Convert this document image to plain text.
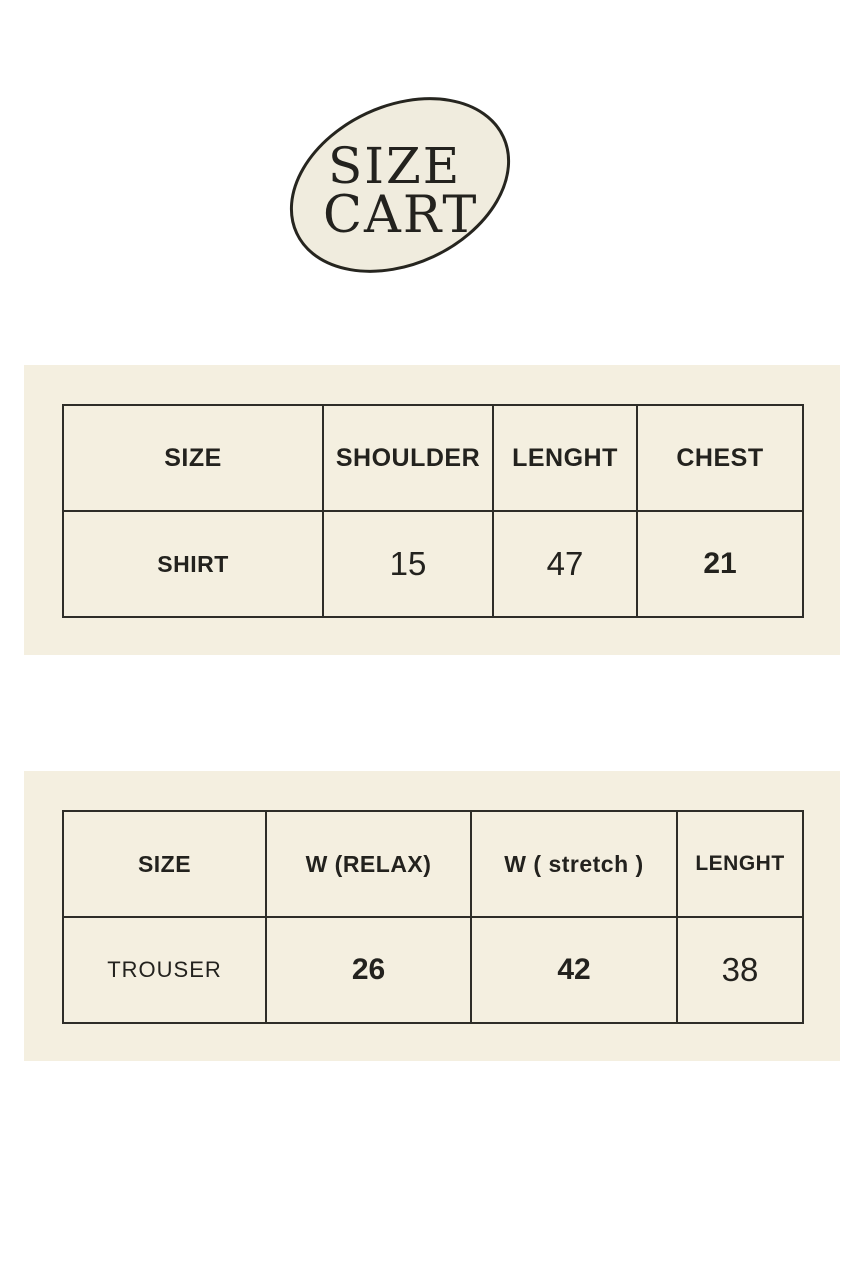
SIZE
CART
SIZE	SHOULDER	LENGHT	CHEST
SHIRT	15	47	21
SIZE	W (RELAX)	W ( stretch )	LENGHT
TROUSER	26	42	38
